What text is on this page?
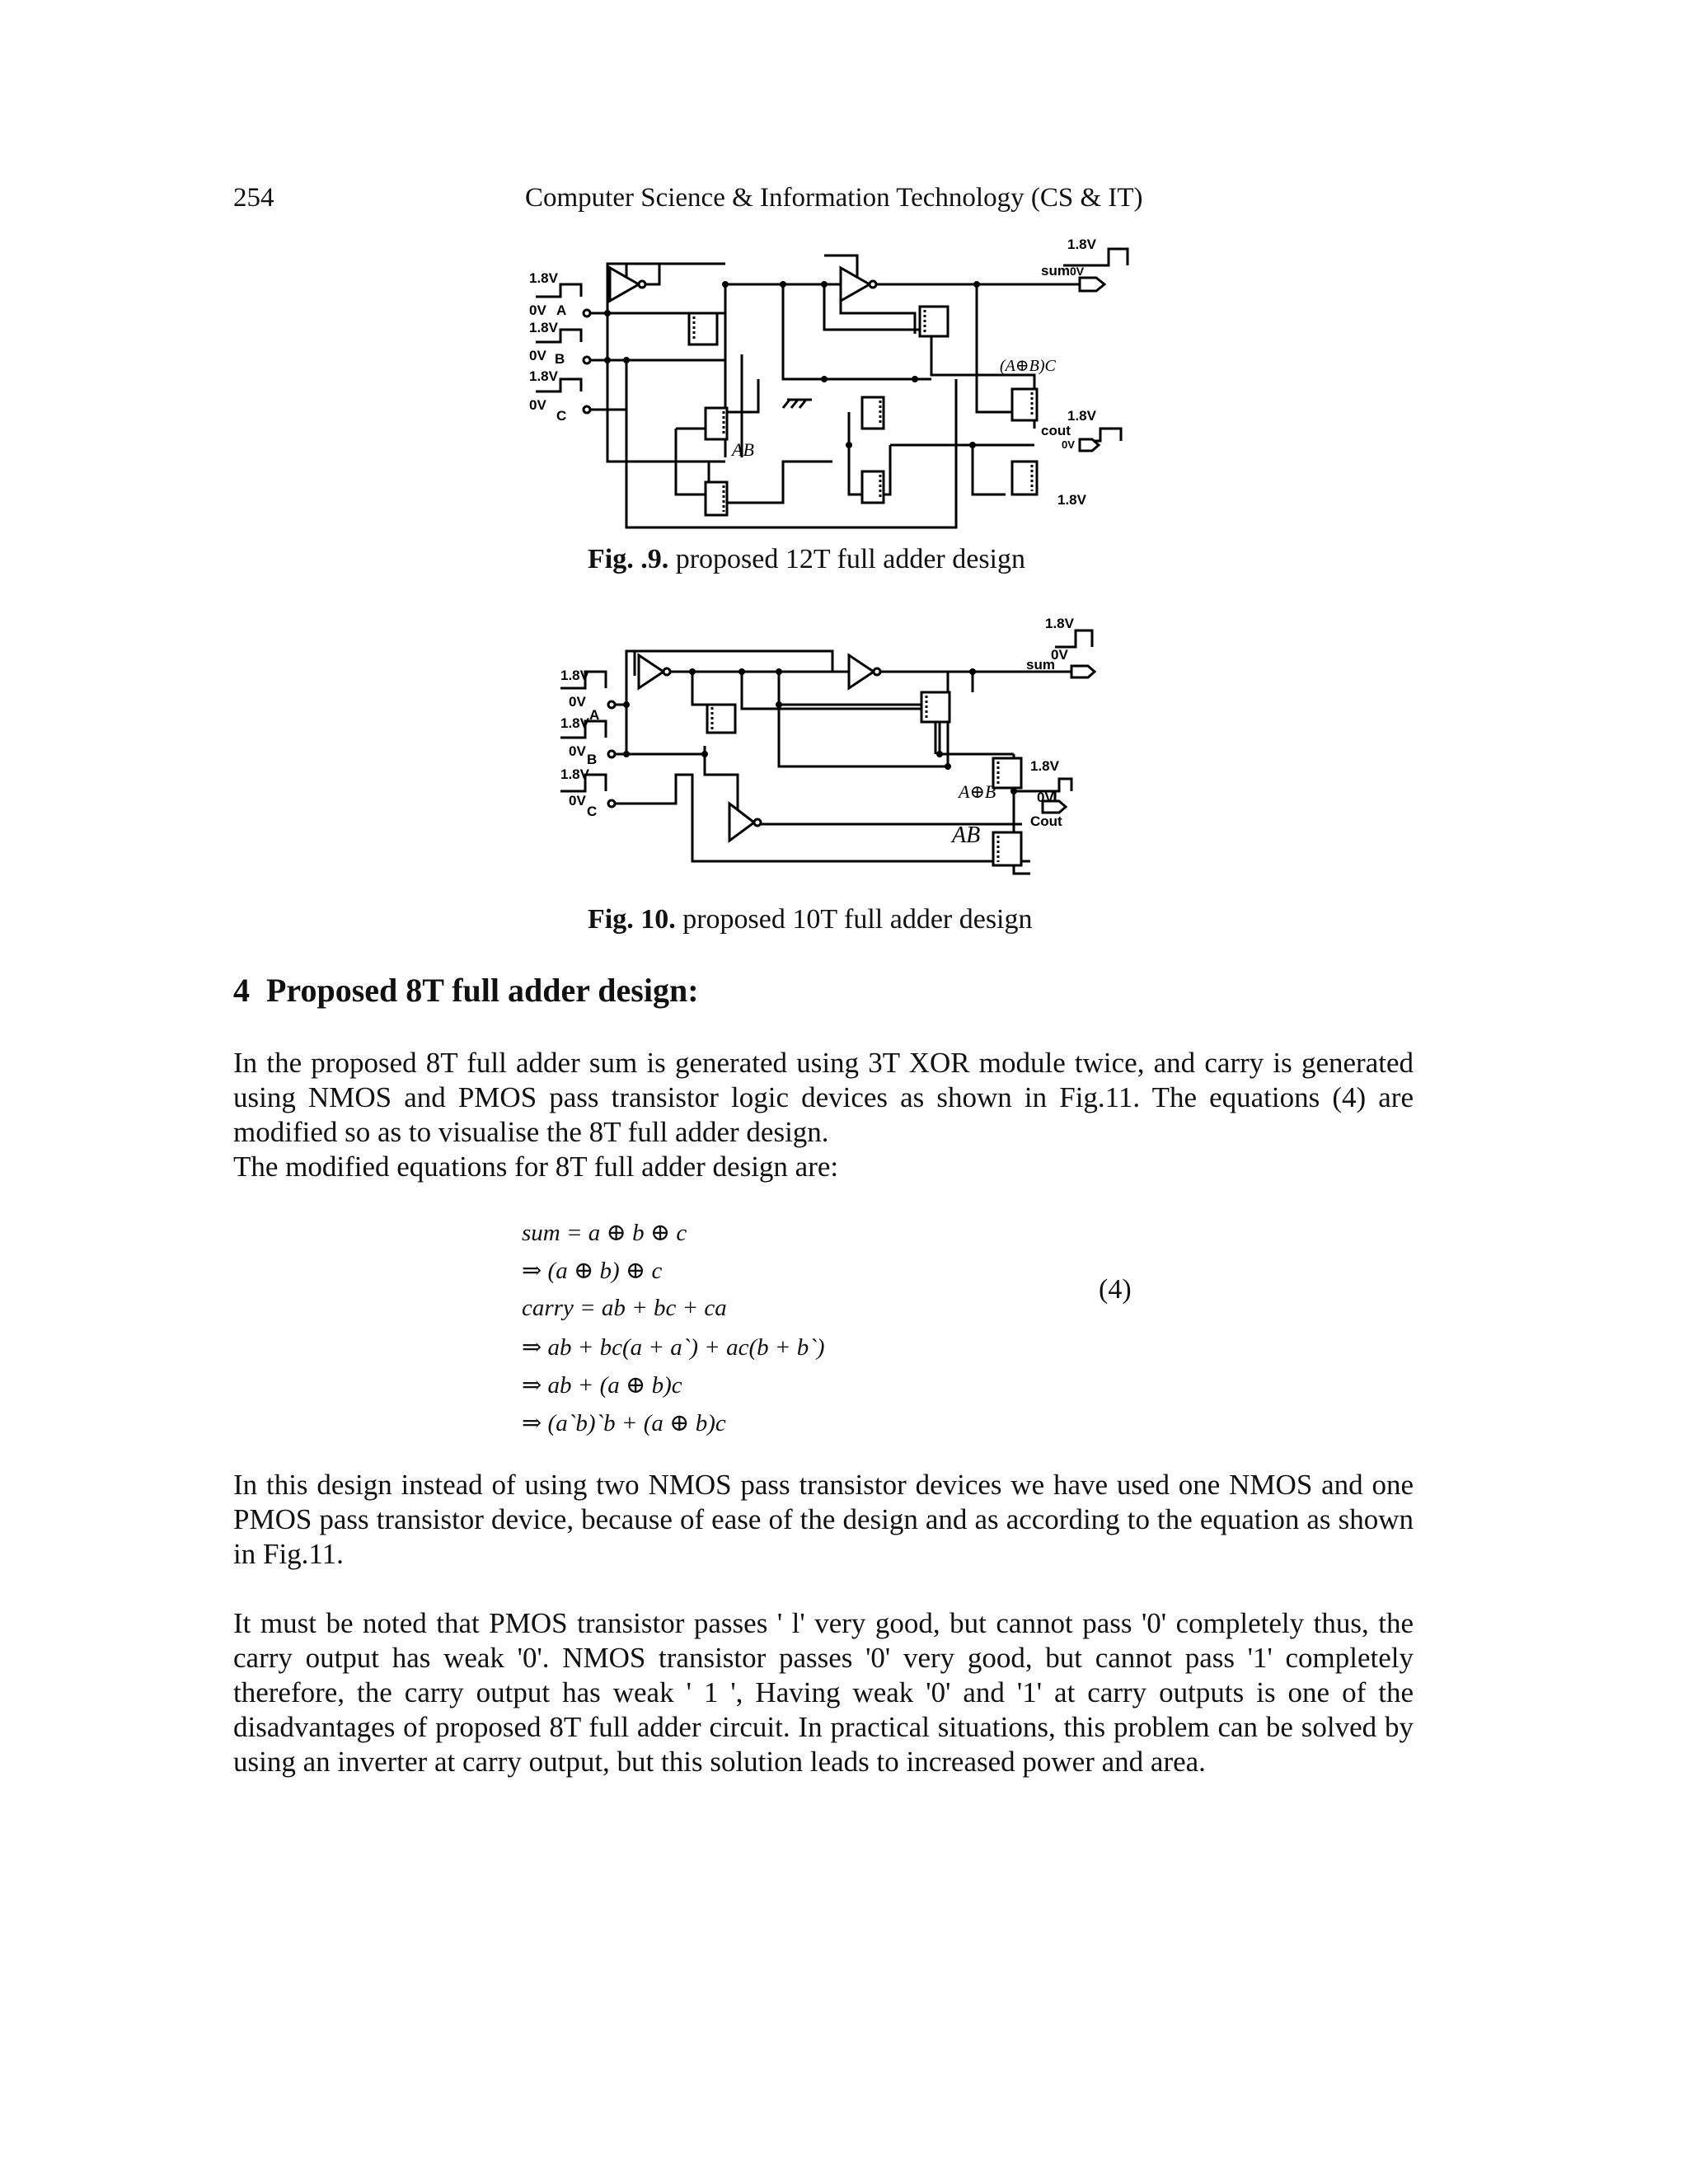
254	Computer Science & Information Technology (CS & IT)
1.8V
0V A
1.8V
0V B
1.8V
0V
C
1.8V
sum 0V
1.8V
cout
0V
1.8V
(A⊕B)C
AB
Fig. .9. proposed 12T full adder design
1.8V
0V
1.8V
A
0V
B
1.8V
0V
C
1.8V
0V
sum
1.8V
0V
Cout
A⊕B
AB
Fig. 10. proposed 10T full adder design
4 Proposed 8T full adder design:
In the proposed 8T full adder sum is generated using 3T XOR module twice, and carry is generated using NMOS and PMOS pass transistor logic devices as shown in Fig.11. The equations (4) are modified so as to visualise the 8T full adder design.
The modified equations for 8T full adder design are:
sum = a ⊕ b ⊕ c
⇒ (a ⊕ b) ⊕ c
carry = ab + bc + ca
⇒ ab + bc(a + a`) + ac(b + b`)
⇒ ab + (a ⊕ b)c
⇒ (a`b)`b + (a ⊕ b)c
(4)
In this design instead of using two NMOS pass transistor devices we have used one NMOS and one PMOS pass transistor device, because of ease of the design and as according to the equation as shown in Fig.11.
It must be noted that PMOS transistor passes ' l' very good, but cannot pass '0' completely thus, the carry output has weak '0'. NMOS transistor passes '0' very good, but cannot pass '1' completely therefore, the carry output has weak ' 1 ', Having weak '0' and '1' at carry outputs is one of the disadvantages of proposed 8T full adder circuit. In practical situations, this problem can be solved by using an inverter at carry output, but this solution leads to increased power and area.
